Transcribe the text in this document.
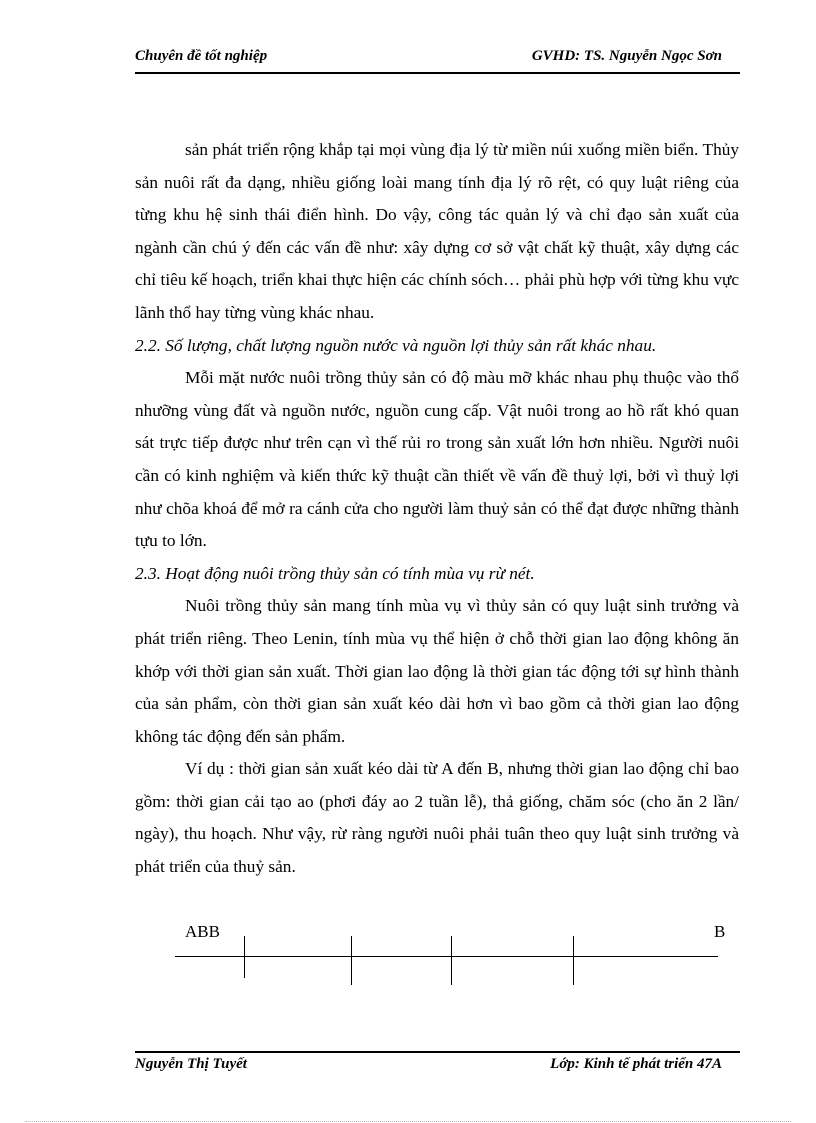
Chuyên đề tốt nghiệp	GVHD: TS. Nguyễn Ngọc Sơn

sản phát triển rộng khắp tại mọi vùng địa lý từ miền núi xuống miền biển. Thủy sản nuôi rất đa dạng, nhiều giống loài mang tính địa lý rõ rệt, có quy luật riêng của từng khu hệ sinh thái điển hình. Do vậy, công tác quản lý và chỉ đạo sản xuất của ngành cần chú ý đến các vấn đề như: xây dựng cơ sở vật chất kỹ thuật, xây dựng các chỉ tiêu kế hoạch, triển khai thực hiện các chính sóch… phải phù hợp với từng khu vực lãnh thổ hay từng vùng khác nhau.

2.2. Số lượng, chất lượng nguồn nước và nguồn lợi thủy sản rất khác nhau.

Mỗi mặt nước nuôi trồng thủy sản có độ màu mỡ khác nhau phụ thuộc vào thổ nhưỡng vùng đất và nguồn nước, nguồn cung cấp. Vật nuôi trong ao hồ rất khó quan sát trực tiếp được như trên cạn vì thế rủi ro trong sản xuất lớn hơn nhiều. Người nuôi cần có kinh nghiệm và kiến thức kỹ thuật cần thiết về vấn đề thuỷ lợi, bởi vì thuỷ lợi như chõa khoá để mở ra cánh cửa cho người làm thuỷ sản có thể đạt được những thành tựu to lớn.

2.3. Hoạt động nuôi trồng thủy sản có tính mùa vụ rừ nét.

Nuôi trồng thủy sản mang tính mùa vụ vì thủy sản có quy luật sinh trưởng và phát triển riêng. Theo Lenin, tính mùa vụ thể hiện ở chỗ thời gian lao động không ăn khớp với thời gian sản xuất. Thời gian lao động là thời gian tác động tới sự hình thành của sản phẩm, còn thời gian sản xuất kéo dài hơn vì bao gồm cả thời gian lao động không tác động đến sản phẩm.

Ví dụ : thời gian sản xuất kéo dài từ A đến B, nhưng thời gian lao động chỉ bao gồm: thời gian cải tạo ao (phơi đáy ao 2 tuần lễ), thả giống, chăm sóc (cho ăn 2 lần/ ngày), thu hoạch. Như vậy, rừ ràng người nuôi phải tuân theo quy luật sinh trưởng và phát triển của thuỷ sản.

ABB	B
Nguyễn Thị Tuyết	Lớp: Kinh tế phát triển 47A
